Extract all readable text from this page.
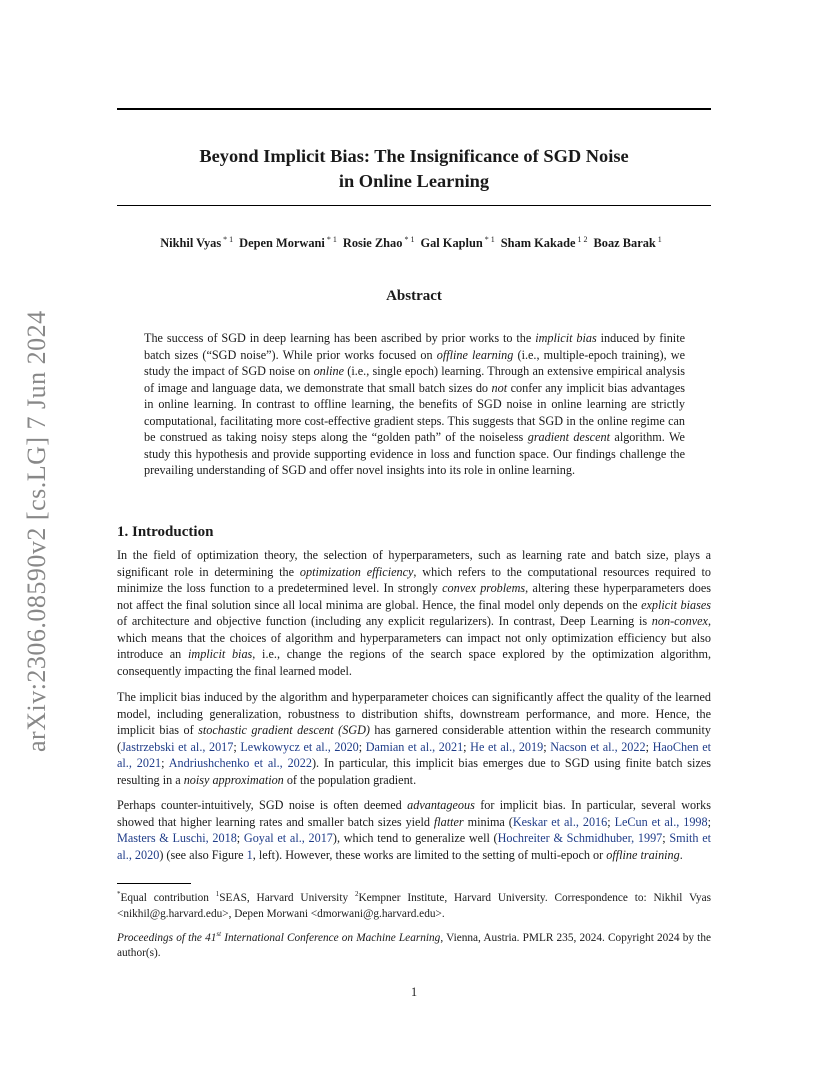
Beyond Implicit Bias: The Insignificance of SGD Noise
in Online Learning
Nikhil Vyas $^{* 1}$ Depen Morwani $^{* 1}$ Rosie Zhao $^{* 1}$ Gal Kaplun $^{* 1}$ Sham Kakade $^{1 2}$ Boaz Barak $^1$
arXiv:2306.08590v2 [cs.LG] 7 Jun 2024
Abstract
The success of SGD in deep learning has been ascribed by prior works to the implicit bias induced by finite batch sizes (“SGD noise”). While prior works focused on offline learning (i.e., multiple-epoch training), we study the impact of SGD noise on online (i.e., single epoch) learning. Through an extensive empirical analysis of image and language data, we demonstrate that small batch sizes do not confer any implicit bias advantages in online learning. In contrast to offline learning, the benefits of SGD noise in online learning are strictly computational, facilitating more cost-effective gradient steps. This suggests that SGD in the online regime can be construed as taking noisy steps along the “golden path” of the noiseless gradient descent algorithm. We study this hypothesis and provide supporting evidence in loss and function space. Our findings challenge the prevailing understanding of SGD and offer novel insights into its role in online learning.
1. Introduction

In the field of optimization theory, the selection of hyperparameters, such as learning rate and batch size, plays a significant role in determining the optimization efficiency, which refers to the computational resources required to minimize the loss function to a predetermined level. In strongly convex problems, altering these hyperparameters does not affect the final solution since all local minima are global. Hence, the final model only depends on the explicit biases of architecture and objective function (including any explicit regularizers). In contrast, Deep Learning is non-convex, which means that the choices of algorithm and hyperparameters can impact not only optimization efficiency but also introduce an implicit bias, i.e., change the regions of the search space explored by the optimization algorithm, consequently impacting the final learned model.

The implicit bias induced by the algorithm and hyperparameter choices can significantly affect the quality of the learned model, including generalization, robustness to distribution shifts, downstream performance, and more. Hence, the implicit bias of stochastic gradient descent (SGD) has garnered considerable attention within the research community (Jastrzebski et al., 2017; Lewkowycz et al., 2020; Damian et al., 2021; He et al., 2019; Nacson et al., 2022; HaoChen et al., 2021; Andriushchenko et al., 2022). In particular, this implicit bias emerges due to SGD using finite batch sizes resulting in a noisy approximation of the population gradient.

Perhaps counter-intuitively, SGD noise is often deemed advantageous for implicit bias. In particular, several works showed that higher learning rates and smaller batch sizes yield flatter minima (Keskar et al., 2016; LeCun et al., 1998; Masters & Luschi, 2018; Goyal et al., 2017), which tend to generalize well (Hochreiter & Schmidhuber, 1997; Smith et al., 2020) (see also Figure 1, left). However, these works are limited to the setting of multi-epoch or offline training.

*Equal contribution $^1$SEAS, Harvard University $^2$Kempner Institute, Harvard University. Correspondence to: Nikhil Vyas <nikhil@g.harvard.edu>, Depen Morwani <dmorwani@g.harvard.edu>.
Proceedings of the 41st International Conference on Machine Learning, Vienna, Austria. PMLR 235, 2024. Copyright 2024 by the author(s).
1
